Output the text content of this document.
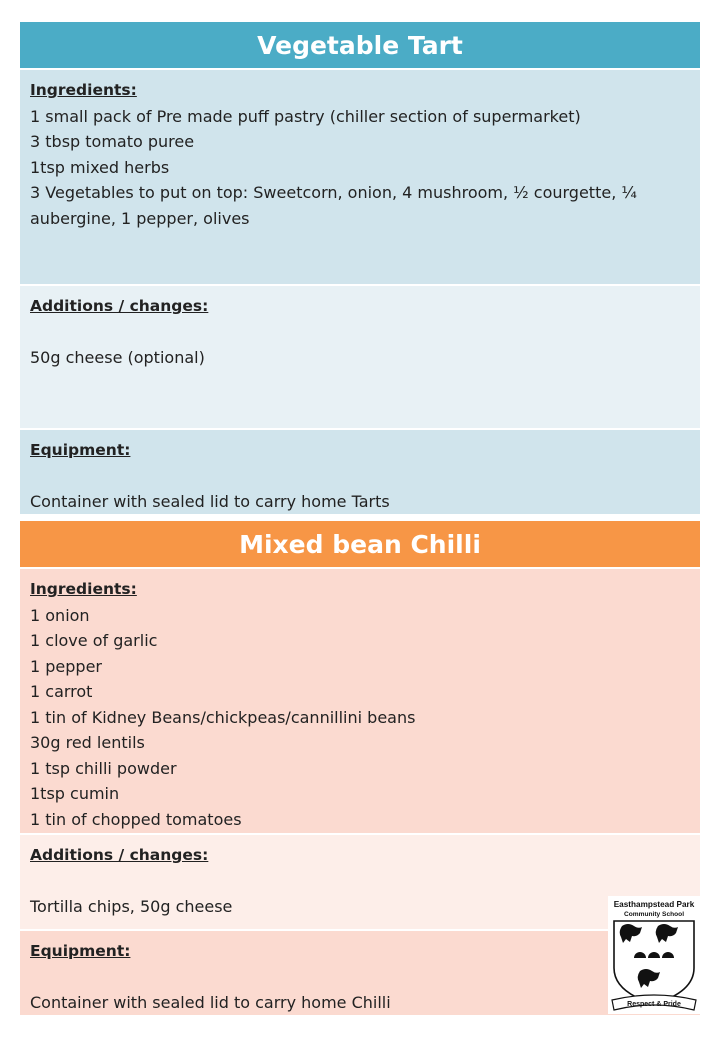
Vegetable Tart
Ingredients:
1 small pack of Pre made puff pastry (chiller section of supermarket)
3 tbsp tomato puree
1tsp mixed herbs
3 Vegetables to put on top: Sweetcorn, onion, 4 mushroom, ½ courgette, ¼
aubergine, 1 pepper, olives
Additions / changes:
50g cheese (optional)
Equipment:
Container with sealed lid to carry home Tarts
Mixed bean Chilli
Ingredients:
1 onion
1 clove of garlic
1 pepper
1 carrot
1 tin of Kidney Beans/chickpeas/cannillini beans
30g red lentils
1 tsp chilli powder
1tsp cumin
1 tin of chopped tomatoes
Additions / changes:
Tortilla chips, 50g cheese
Equipment:
Container with sealed lid to carry home Chilli
Easthampstead Park
Community School
Respect & Pride
